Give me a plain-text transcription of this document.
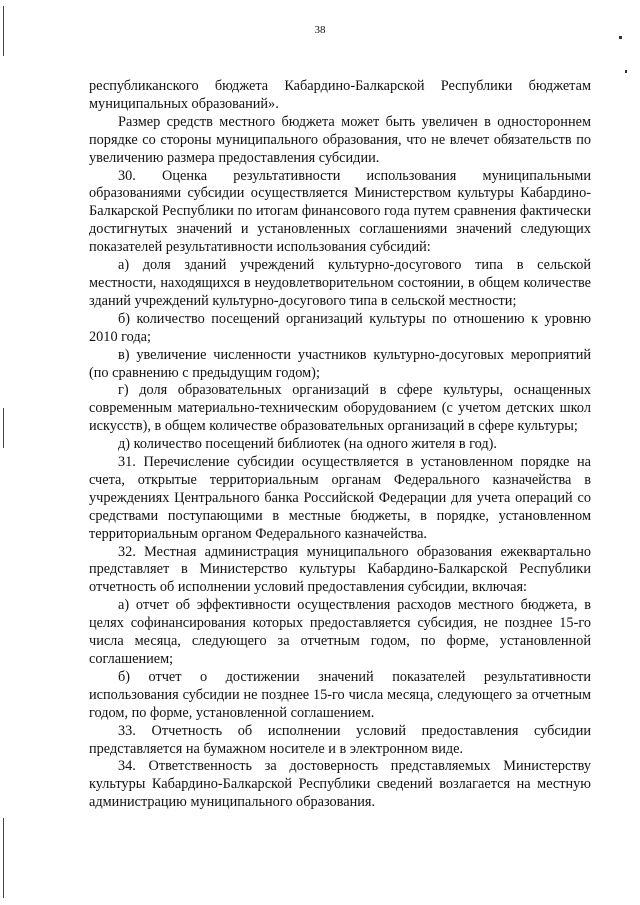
38

республиканского бюджета Кабардино-Балкарской Республики бюджетам муниципальных образований».

Размер средств местного бюджета может быть увеличен в одностороннем порядке со стороны муниципального образования, что не влечет обязательств по увеличению размера предоставления субсидии.

30. Оценка результативности использования муниципальными образованиями субсидии осуществляется Министерством культуры Кабардино-Балкарской Республики по итогам финансового года путем сравнения фактически достигнутых значений и установленных соглашениями значений следующих показателей результативности использования субсидий:

а) доля зданий учреждений культурно-досугового типа в сельской местности, находящихся в неудовлетворительном состоянии, в общем количестве зданий учреждений культурно-досугового типа в сельской местности;

б) количество посещений организаций культуры по отношению к уровню 2010 года;

в) увеличение численности участников культурно-досуговых мероприятий (по сравнению с предыдущим годом);

г) доля образовательных организаций в сфере культуры, оснащенных современным материально-техническим оборудованием (с учетом детских школ искусств), в общем количестве образовательных организаций в сфере культуры;

д) количество посещений библиотек (на одного жителя в год).

31. Перечисление субсидии осуществляется в установленном порядке на счета, открытые территориальным органам Федерального казначейства в учреждениях Центрального банка Российской Федерации для учета операций со средствами поступающими в местные бюджеты, в порядке, установленном территориальным органом Федерального казначейства.

32. Местная администрация муниципального образования ежеквартально представляет в Министерство культуры Кабардино-Балкарской Республики отчетность об исполнении условий предоставления субсидии, включая:

а) отчет об эффективности осуществления расходов местного бюджета, в целях софинансирования которых предоставляется субсидия, не позднее 15-го числа месяца, следующего за отчетным годом, по форме, установленной соглашением;

б) отчет о достижении значений показателей результативности использования субсидии не позднее 15-го числа месяца, следующего за отчетным годом, по форме, установленной соглашением.

33. Отчетность об исполнении условий предоставления субсидии представляется на бумажном носителе и в электронном виде.

34. Ответственность за достоверность представляемых Министерству культуры Кабардино-Балкарской Республики сведений возлагается на местную администрацию муниципального образования.
